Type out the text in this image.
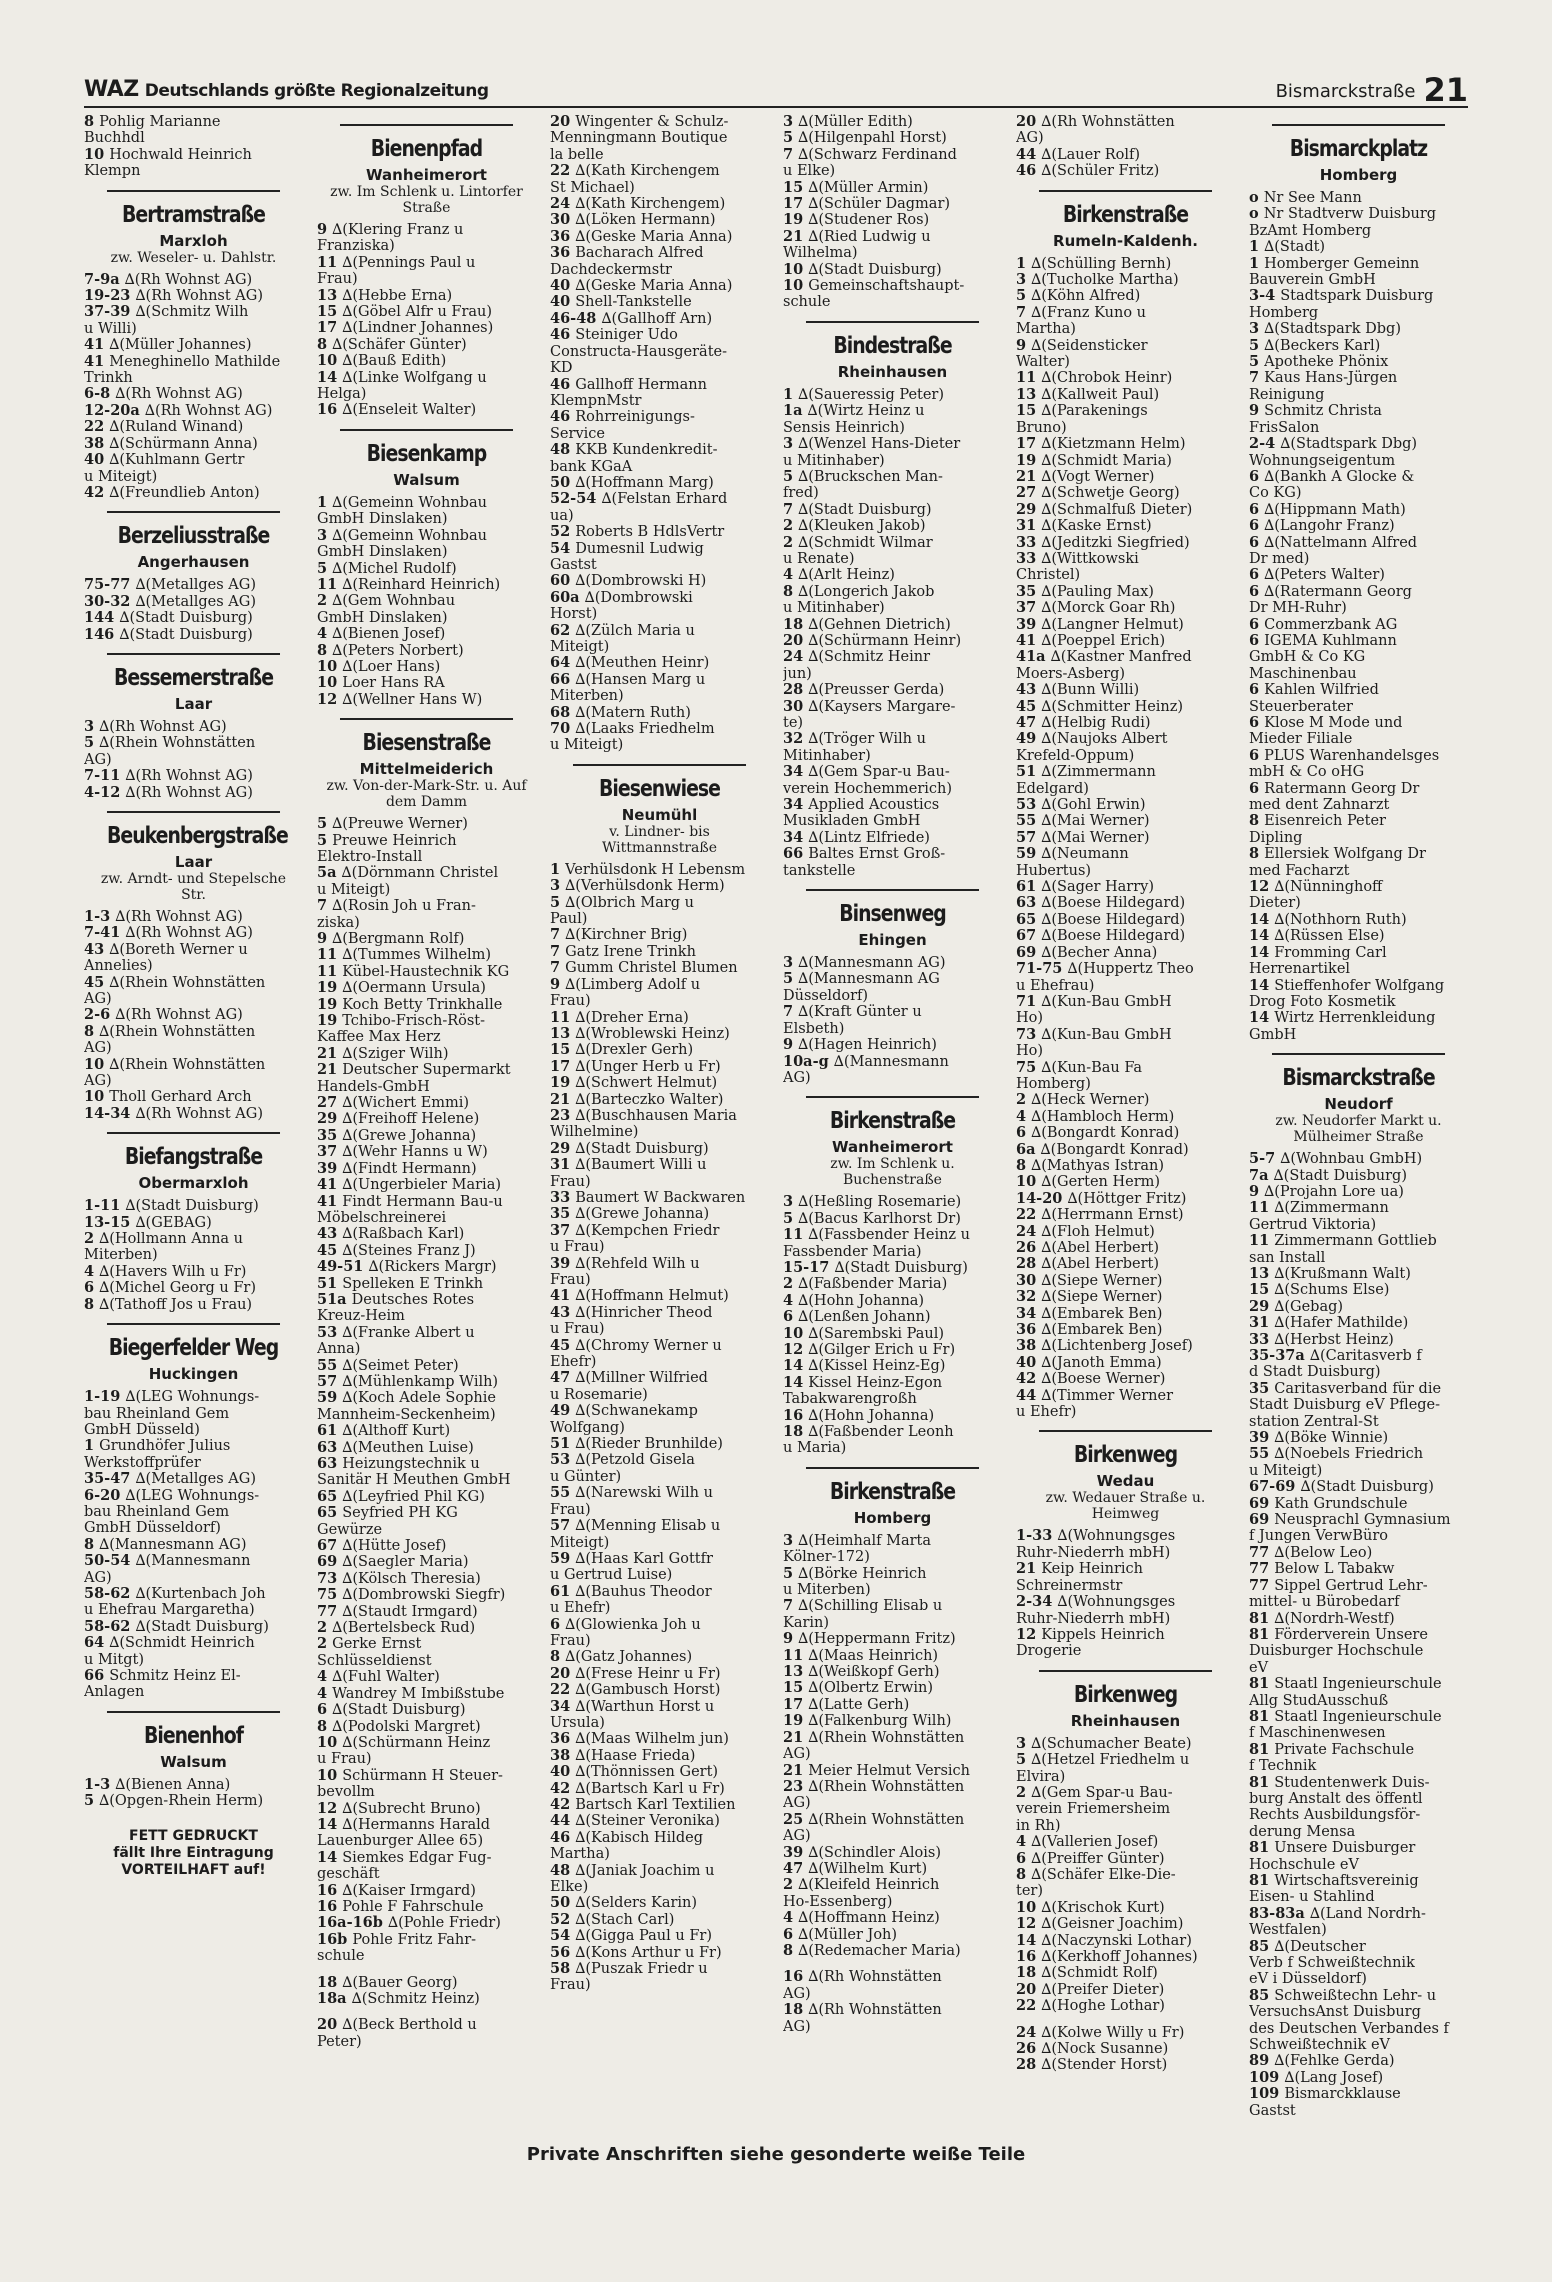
WAZ Deutschlands größte Regionalzeitung	Bismarckstraße 21
8 Pohlig Marianne
Buchhdl
10 Hochwald Heinrich
Klempn
Bertramstraße
Marxloh
zw. Weseler- u. Dahlstr.
7-9a ∆(Rh Wohnst AG)
19-23 ∆(Rh Wohnst AG)
37-39 ∆(Schmitz Wilh
u Willi)
41 ∆(Müller Johannes)
41 Meneghinello Mathilde
Trinkh
6-8 ∆(Rh Wohnst AG)
12-20a ∆(Rh Wohnst AG)
22 ∆(Ruland Winand)
38 ∆(Schürmann Anna)
40 ∆(Kuhlmann Gertr
u Miteigt)
42 ∆(Freundlieb Anton)
Berzeliusstraße
Angerhausen
75-77 ∆(Metallges AG)
30-32 ∆(Metallges AG)
144 ∆(Stadt Duisburg)
146 ∆(Stadt Duisburg)
Bessemerstraße
Laar
3 ∆(Rh Wohnst AG)
5 ∆(Rhein Wohnstätten
AG)
7-11 ∆(Rh Wohnst AG)
4-12 ∆(Rh Wohnst AG)
Beukenbergstraße
Laar
zw. Arndt- und Stepelsche Str.
1-3 ∆(Rh Wohnst AG)
7-41 ∆(Rh Wohnst AG)
43 ∆(Boreth Werner u
Annelies)
45 ∆(Rhein Wohnstätten
AG)
2-6 ∆(Rh Wohnst AG)
8 ∆(Rhein Wohnstätten
AG)
10 ∆(Rhein Wohnstätten
AG)
10 Tholl Gerhard Arch
14-34 ∆(Rh Wohnst AG)
Biefangstraße
Obermarxloh
1-11 ∆(Stadt Duisburg)
13-15 ∆(GEBAG)
2 ∆(Hollmann Anna u
Miterben)
4 ∆(Havers Wilh u Fr)
6 ∆(Michel Georg u Fr)
8 ∆(Tathoff Jos u Frau)
Biegerfelder Weg
Huckingen
1-19 ∆(LEG Wohnungs-
bau Rheinland Gem
GmbH Düsseld)
1 Grundhöfer Julius
Werkstoffprüfer
35-47 ∆(Metallges AG)
6-20 ∆(LEG Wohnungs-
bau Rheinland Gem
GmbH Düsseldorf)
8 ∆(Mannesmann AG)
50-54 ∆(Mannesmann
AG)
58-62 ∆(Kurtenbach Joh
u Ehefrau Margaretha)
58-62 ∆(Stadt Duisburg)
64 ∆(Schmidt Heinrich
u Mitgt)
66 Schmitz Heinz El-
Anlagen
Bienenhof
Walsum
1-3 ∆(Bienen Anna)
5 ∆(Opgen-Rhein Herm)
FETT GEDRUCKT
fällt Ihre Eintragung
VORTEILHAFT auf!
Bienenpfad
Wanheimerort
zw. Im Schlenk u. Lintorfer Straße
9 ∆(Klering Franz u
Franziska)
11 ∆(Pennings Paul u
Frau)
13 ∆(Hebbe Erna)
15 ∆(Göbel Alfr u Frau)
17 ∆(Lindner Johannes)
8 ∆(Schäfer Günter)
10 ∆(Bauß Edith)
14 ∆(Linke Wolfgang u
Helga)
16 ∆(Enseleit Walter)
Biesenkamp
Walsum
1 ∆(Gemeinn Wohnbau
GmbH Dinslaken)
3 ∆(Gemeinn Wohnbau
GmbH Dinslaken)
5 ∆(Michel Rudolf)
11 ∆(Reinhard Heinrich)
2 ∆(Gem Wohnbau
GmbH Dinslaken)
4 ∆(Bienen Josef)
8 ∆(Peters Norbert)
10 ∆(Loer Hans)
10 Loer Hans RA
12 ∆(Wellner Hans W)
Biesenstraße
Mittelmeiderich
zw. Von-der-Mark-Str. u. Auf dem Damm
5 ∆(Preuwe Werner)
5 Preuwe Heinrich
Elektro-Install
5a ∆(Dörnmann Christel
u Miteigt)
7 ∆(Rosin Joh u Fran-
ziska)
9 ∆(Bergmann Rolf)
11 ∆(Tummes Wilhelm)
11 Kübel-Haustechnik KG
19 ∆(Oermann Ursula)
19 Koch Betty Trinkhalle
19 Tchibo-Frisch-Röst-
Kaffee Max Herz
21 ∆(Sziger Wilh)
21 Deutscher Supermarkt
Handels-GmbH
27 ∆(Wichert Emmi)
29 ∆(Freihoff Helene)
35 ∆(Grewe Johanna)
37 ∆(Wehr Hanns u W)
39 ∆(Findt Hermann)
41 ∆(Ungerbieler Maria)
41 Findt Hermann Bau-u
Möbelschreinerei
43 ∆(Raßbach Karl)
45 ∆(Steines Franz J)
49-51 ∆(Rickers Margr)
51 Spelleken E Trinkh
51a Deutsches Rotes
Kreuz-Heim
53 ∆(Franke Albert u
Anna)
55 ∆(Seimet Peter)
57 ∆(Mühlenkamp Wilh)
59 ∆(Koch Adele Sophie
Mannheim-Seckenheim)
61 ∆(Althoff Kurt)
63 ∆(Meuthen Luise)
63 Heizungstechnik u
Sanitär H Meuthen GmbH
65 ∆(Leyfried Phil KG)
65 Seyfried PH KG
Gewürze
67 ∆(Hütte Josef)
69 ∆(Saegler Maria)
73 ∆(Kölsch Theresia)
75 ∆(Dombrowski Siegfr)
77 ∆(Staudt Irmgard)
2 ∆(Bertelsbeck Rud)
2 Gerke Ernst
Schlüsseldienst
4 ∆(Fuhl Walter)
4 Wandrey M Imbißstube
6 ∆(Stadt Duisburg)
8 ∆(Podolski Margret)
10 ∆(Schürmann Heinz
u Frau)
10 Schürmann H Steuer-
bevollm
12 ∆(Subrecht Bruno)
14 ∆(Hermanns Harald
Lauenburger Allee 65)
14 Siemkes Edgar Fug-
geschäft
16 ∆(Kaiser Irmgard)
16 Pohle F Fahrschule
16a-16b ∆(Pohle Friedr)
16b Pohle Fritz Fahr-
schule
18 ∆(Bauer Georg)
18a ∆(Schmitz Heinz)
20 ∆(Beck Berthold u
Peter)
20 Wingenter & Schulz-
Menningmann Boutique
la belle
22 ∆(Kath Kirchengem
St Michael)
24 ∆(Kath Kirchengem)
30 ∆(Löken Hermann)
36 ∆(Geske Maria Anna)
36 Bacharach Alfred
Dachdeckermstr
40 ∆(Geske Maria Anna)
40 Shell-Tankstelle
46-48 ∆(Gallhoff Arn)
46 Steiniger Udo
Constructa-Hausgeräte-
KD
46 Gallhoff Hermann
KlempnMstr
46 Rohrreinigungs-
Service
48 KKB Kundenkredit-
bank KGaA
50 ∆(Hoffmann Marg)
52-54 ∆(Felstan Erhard
ua)
52 Roberts B HdlsVertr
54 Dumesnil Ludwig
Gastst
60 ∆(Dombrowski H)
60a ∆(Dombrowski
Horst)
62 ∆(Zülch Maria u
Miteigt)
64 ∆(Meuthen Heinr)
66 ∆(Hansen Marg u
Miterben)
68 ∆(Matern Ruth)
70 ∆(Laaks Friedhelm
u Miteigt)
Biesenwiese
Neumühl
v. Lindner- bis Wittmannstraße
1 Verhülsdonk H Lebensm
3 ∆(Verhülsdonk Herm)
5 ∆(Olbrich Marg u
Paul)
7 ∆(Kirchner Brig)
7 Gatz Irene Trinkh
7 Gumm Christel Blumen
9 ∆(Limberg Adolf u
Frau)
11 ∆(Dreher Erna)
13 ∆(Wroblewski Heinz)
15 ∆(Drexler Gerh)
17 ∆(Unger Herb u Fr)
19 ∆(Schwert Helmut)
21 ∆(Barteczko Walter)
23 ∆(Buschhausen Maria
Wilhelmine)
29 ∆(Stadt Duisburg)
31 ∆(Baumert Willi u
Frau)
33 Baumert W Backwaren
35 ∆(Grewe Johanna)
37 ∆(Kempchen Friedr
u Frau)
39 ∆(Rehfeld Wilh u
Frau)
41 ∆(Hoffmann Helmut)
43 ∆(Hinricher Theod
u Frau)
45 ∆(Chromy Werner u
Ehefr)
47 ∆(Millner Wilfried
u Rosemarie)
49 ∆(Schwanekamp
Wolfgang)
51 ∆(Rieder Brunhilde)
53 ∆(Petzold Gisela
u Günter)
55 ∆(Narewski Wilh u
Frau)
57 ∆(Menning Elisab u
Miteigt)
59 ∆(Haas Karl Gottfr
u Gertrud Luise)
61 ∆(Bauhus Theodor
u Ehefr)
6 ∆(Glowienka Joh u
Frau)
8 ∆(Gatz Johannes)
20 ∆(Frese Heinr u Fr)
22 ∆(Gambusch Horst)
34 ∆(Warthun Horst u
Ursula)
36 ∆(Maas Wilhelm jun)
38 ∆(Haase Frieda)
40 ∆(Thönnissen Gert)
42 ∆(Bartsch Karl u Fr)
42 Bartsch Karl Textilien
44 ∆(Steiner Veronika)
46 ∆(Kabisch Hildeg
Martha)
48 ∆(Janiak Joachim u
Elke)
50 ∆(Selders Karin)
52 ∆(Stach Carl)
54 ∆(Gigga Paul u Fr)
56 ∆(Kons Arthur u Fr)
58 ∆(Puszak Friedr u
Frau)
3 ∆(Müller Edith)
5 ∆(Hilgenpahl Horst)
7 ∆(Schwarz Ferdinand
u Elke)
15 ∆(Müller Armin)
17 ∆(Schüler Dagmar)
19 ∆(Studener Ros)
21 ∆(Ried Ludwig u
Wilhelma)
10 ∆(Stadt Duisburg)
10 Gemeinschaftshaupt-
schule
Bindestraße
Rheinhausen
1 ∆(Saueressig Peter)
1a ∆(Wirtz Heinz u
Sensis Heinrich)
3 ∆(Wenzel Hans-Dieter
u Mitinhaber)
5 ∆(Bruckschen Man-
fred)
7 ∆(Stadt Duisburg)
2 ∆(Kleuken Jakob)
2 ∆(Schmidt Wilmar
u Renate)
4 ∆(Arlt Heinz)
8 ∆(Longerich Jakob
u Mitinhaber)
18 ∆(Gehnen Dietrich)
20 ∆(Schürmann Heinr)
24 ∆(Schmitz Heinr
jun)
28 ∆(Preusser Gerda)
30 ∆(Kaysers Margare-
te)
32 ∆(Tröger Wilh u
Mitinhaber)
34 ∆(Gem Spar-u Bau-
verein Hochemmerich)
34 Applied Acoustics
Musikladen GmbH
34 ∆(Lintz Elfriede)
66 Baltes Ernst Groß-
tankstelle
Binsenweg
Ehingen
3 ∆(Mannesmann AG)
5 ∆(Mannesmann AG
Düsseldorf)
7 ∆(Kraft Günter u
Elsbeth)
9 ∆(Hagen Heinrich)
10a-g ∆(Mannesmann
AG)
Birkenstraße
Wanheimerort
zw. Im Schlenk u. Buchenstraße
3 ∆(Heßling Rosemarie)
5 ∆(Bacus Karlhorst Dr)
11 ∆(Fassbender Heinz u
Fassbender Maria)
15-17 ∆(Stadt Duisburg)
2 ∆(Faßbender Maria)
4 ∆(Hohn Johanna)
6 ∆(Lenßen Johann)
10 ∆(Sarembski Paul)
12 ∆(Gilger Erich u Fr)
14 ∆(Kissel Heinz-Eg)
14 Kissel Heinz-Egon
Tabakwarengroßh
16 ∆(Hohn Johanna)
18 ∆(Faßbender Leonh
u Maria)
Birkenstraße
Homberg
3 ∆(Heimhalf Marta
Kölner-172)
5 ∆(Börke Heinrich
u Miterben)
7 ∆(Schilling Elisab u
Karin)
9 ∆(Heppermann Fritz)
11 ∆(Maas Heinrich)
13 ∆(Weißkopf Gerh)
15 ∆(Olbertz Erwin)
17 ∆(Latte Gerh)
19 ∆(Falkenburg Wilh)
21 ∆(Rhein Wohnstätten
AG)
21 Meier Helmut Versich
23 ∆(Rhein Wohnstätten
AG)
25 ∆(Rhein Wohnstätten
AG)
39 ∆(Schindler Alois)
47 ∆(Wilhelm Kurt)
2 ∆(Kleifeld Heinrich
Ho-Essenberg)
4 ∆(Hoffmann Heinz)
6 ∆(Müller Joh)
8 ∆(Redemacher Maria)
16 ∆(Rh Wohnstätten
AG)
18 ∆(Rh Wohnstätten
AG)
20 ∆(Rh Wohnstätten
AG)
44 ∆(Lauer Rolf)
46 ∆(Schüler Fritz)
Birkenstraße
Rumeln-Kaldenh.
1 ∆(Schülling Bernh)
3 ∆(Tucholke Martha)
5 ∆(Köhn Alfred)
7 ∆(Franz Kuno u
Martha)
9 ∆(Seidensticker
Walter)
11 ∆(Chrobok Heinr)
13 ∆(Kallweit Paul)
15 ∆(Parakenings
Bruno)
17 ∆(Kietzmann Helm)
19 ∆(Schmidt Maria)
21 ∆(Vogt Werner)
27 ∆(Schwetje Georg)
29 ∆(Schmalfuß Dieter)
31 ∆(Kaske Ernst)
33 ∆(Jeditzki Siegfried)
33 ∆(Wittkowski
Christel)
35 ∆(Pauling Max)
37 ∆(Morck Goar Rh)
39 ∆(Langner Helmut)
41 ∆(Poeppel Erich)
41a ∆(Kastner Manfred
Moers-Asberg)
43 ∆(Bunn Willi)
45 ∆(Schmitter Heinz)
47 ∆(Helbig Rudi)
49 ∆(Naujoks Albert
Krefeld-Oppum)
51 ∆(Zimmermann
Edelgard)
53 ∆(Gohl Erwin)
55 ∆(Mai Werner)
57 ∆(Mai Werner)
59 ∆(Neumann
Hubertus)
61 ∆(Sager Harry)
63 ∆(Boese Hildegard)
65 ∆(Boese Hildegard)
67 ∆(Boese Hildegard)
69 ∆(Becher Anna)
71-75 ∆(Huppertz Theo
u Ehefrau)
71 ∆(Kun-Bau GmbH
Ho)
73 ∆(Kun-Bau GmbH
Ho)
75 ∆(Kun-Bau Fa
Homberg)
2 ∆(Heck Werner)
4 ∆(Hambloch Herm)
6 ∆(Bongardt Konrad)
6a ∆(Bongardt Konrad)
8 ∆(Mathyas Istran)
10 ∆(Gerten Herm)
14-20 ∆(Höttger Fritz)
22 ∆(Herrmann Ernst)
24 ∆(Floh Helmut)
26 ∆(Abel Herbert)
28 ∆(Abel Herbert)
30 ∆(Siepe Werner)
32 ∆(Siepe Werner)
34 ∆(Embarek Ben)
36 ∆(Embarek Ben)
38 ∆(Lichtenberg Josef)
40 ∆(Janoth Emma)
42 ∆(Boese Werner)
44 ∆(Timmer Werner
u Ehefr)
Birkenweg
Wedau
zw. Wedauer Straße u. Heimweg
1-33 ∆(Wohnungsges
Ruhr-Niederrh mbH)
21 Keip Heinrich
Schreinermstr
2-34 ∆(Wohnungsges
Ruhr-Niederrh mbH)
12 Kippels Heinrich
Drogerie
Birkenweg
Rheinhausen
3 ∆(Schumacher Beate)
5 ∆(Hetzel Friedhelm u
Elvira)
2 ∆(Gem Spar-u Bau-
verein Friemersheim
in Rh)
4 ∆(Vallerien Josef)
6 ∆(Preiffer Günter)
8 ∆(Schäfer Elke-Die-
ter)
10 ∆(Krischok Kurt)
12 ∆(Geisner Joachim)
14 ∆(Naczynski Lothar)
16 ∆(Kerkhoff Johannes)
18 ∆(Schmidt Rolf)
20 ∆(Preifer Dieter)
22 ∆(Hoghe Lothar)
24 ∆(Kolwe Willy u Fr)
26 ∆(Nock Susanne)
28 ∆(Stender Horst)
Bismarckplatz
Homberg
o Nr See Mann
o Nr Stadtverw Duisburg
BzAmt Homberg
1 ∆(Stadt)
1 Homberger Gemeinn
Bauverein GmbH
3-4 Stadtspark Duisburg
Homberg
3 ∆(Stadtspark Dbg)
5 ∆(Beckers Karl)
5 Apotheke Phönix
7 Kaus Hans-Jürgen
Reinigung
9 Schmitz Christa
FrisSalon
2-4 ∆(Stadtspark Dbg)
Wohnungseigentum
6 ∆(Bankh A Glocke &
Co KG)
6 ∆(Hippmann Math)
6 ∆(Langohr Franz)
6 ∆(Nattelmann Alfred
Dr med)
6 ∆(Peters Walter)
6 ∆(Ratermann Georg
Dr MH-Ruhr)
6 Commerzbank AG
6 IGEMA Kuhlmann
GmbH & Co KG
Maschinenbau
6 Kahlen Wilfried
Steuerberater
6 Klose M Mode und
Mieder Filiale
6 PLUS Warenhandelsges
mbH & Co oHG
6 Ratermann Georg Dr
med dent Zahnarzt
8 Eisenreich Peter
Dipling
8 Ellersiek Wolfgang Dr
med Facharzt
12 ∆(Nünninghoff
Dieter)
14 ∆(Nothhorn Ruth)
14 ∆(Rüssen Else)
14 Fromming Carl
Herrenartikel
14 Stieffenhofer Wolfgang
Drog Foto Kosmetik
14 Wirtz Herrenkleidung
GmbH
Bismarckstraße
Neudorf
zw. Neudorfer Markt u. Mülheimer Straße
5-7 ∆(Wohnbau GmbH)
7a ∆(Stadt Duisburg)
9 ∆(Projahn Lore ua)
11 ∆(Zimmermann
Gertrud Viktoria)
11 Zimmermann Gottlieb
san Install
13 ∆(Krußmann Walt)
15 ∆(Schums Else)
29 ∆(Gebag)
31 ∆(Hafer Mathilde)
33 ∆(Herbst Heinz)
35-37a ∆(Caritasverb f
d Stadt Duisburg)
35 Caritasverband für die
Stadt Duisburg eV Pflege-
station Zentral-St
39 ∆(Böke Winnie)
55 ∆(Noebels Friedrich
u Miteigt)
67-69 ∆(Stadt Duisburg)
69 Kath Grundschule
69 Neusprachl Gymnasium
f Jungen VerwBüro
77 ∆(Below Leo)
77 Below L Tabakw
77 Sippel Gertrud Lehr-
mittel- u Bürobedarf
81 ∆(Nordrh-Westf)
81 Förderverein Unsere
Duisburger Hochschule
eV
81 Staatl Ingenieurschule
Allg StudAusschuß
81 Staatl Ingenieurschule
f Maschinenwesen
81 Private Fachschule
f Technik
81 Studentenwerk Duis-
burg Anstalt des öffentl
Rechts Ausbildungsför-
derung Mensa
81 Unsere Duisburger
Hochschule eV
81 Wirtschaftsvereinig
Eisen- u Stahlind
83-83a ∆(Land Nordrh-
Westfalen)
85 ∆(Deutscher
Verb f Schweißtechnik
eV i Düsseldorf)
85 Schweißtechn Lehr- u
VersuchsAnst Duisburg
des Deutschen Verbandes f
Schweißtechnik eV
89 ∆(Fehlke Gerda)
109 ∆(Lang Josef)
109 Bismarckklause
Gastst
Private Anschriften siehe gesonderte weiße Teile
